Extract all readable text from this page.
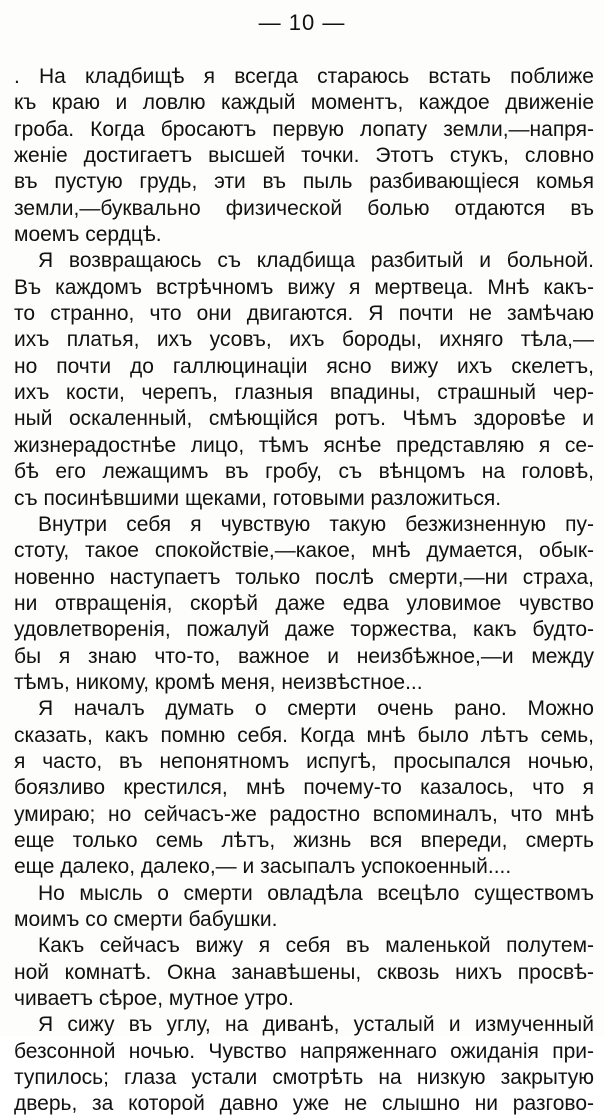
— 10 —
. На кладбищѣ я всегда стараюсь встать поближе
къ краю и ловлю каждый моментъ, каждое движенiе
гроба. Когда бросаютъ первую лопату земли,—напря-
женiе достигаетъ высшей точки. Этотъ стукъ, словно
въ пустую грудь, эти въ пыль разбивающiеся комья
земли,—буквально физической болью отдаются въ
моемъ сердцѣ.
Я возвращаюсь съ кладбища разбитый и больной.
Въ каждомъ встрѣчномъ вижу я мертвеца. Мнѣ какъ-
то странно, что они двигаются. Я почти не замѣчаю
ихъ платья, ихъ усовъ, ихъ бороды, ихняго тѣла,—
но почти до галлюцинацiи ясно вижу ихъ скелетъ,
ихъ кости, черепъ, глазныя впадины, страшный чер-
ный оскаленный, смѣющiйся ротъ. Чѣмъ здоровѣе и
жизнерадостнѣе лицо, тѣмъ яснѣе представляю я се-
бѣ его лежащимъ въ гробу, съ вѣнцомъ на головѣ,
съ посинѣвшими щеками, готовыми разложиться.
Внутри себя я чувствую такую безжизненную пу-
стоту, такое спокойствiе,—какое, мнѣ думается, обык-
новенно наступаетъ только послѣ смерти,—ни страха,
ни отвращенiя, скорѣй даже едва уловимое чувство
удовлетворенiя, пожалуй даже торжества, какъ будто-
бы я знаю что-то, важное и неизбѣжное,—и между
тѣмъ, никому, кромѣ меня, неизвѣстное...
Я началъ думать о смерти очень рано. Можно
сказать, какъ помню себя. Когда мнѣ было лѣтъ семь,
я часто, въ непонятномъ испугѣ, просыпался ночью,
боязливо крестился, мнѣ почему-то казалось, что я
умираю; но сейчасъ-же радостно вспоминалъ, что мнѣ
еще только семь лѣтъ, жизнь вся впереди, смерть
еще далеко, далеко,— и засыпалъ успокоенный....
Но мысль о смерти овладѣла всецѣло существомъ
моимъ со смерти бабушки.
Какъ сейчасъ вижу я себя въ маленькой полутем-
ной комнатѣ. Окна занавѣшены, сквозь нихъ просвѣ-
чиваетъ сѣрое, мутное утро.
Я сижу въ углу, на диванѣ, усталый и измученный
безсонной ночью. Чувство напряженнаго ожиданiя при-
тупилось; глаза устали смотрѣть на низкую закрытую
дверь, за которой давно уже не слышно ни разгово-
